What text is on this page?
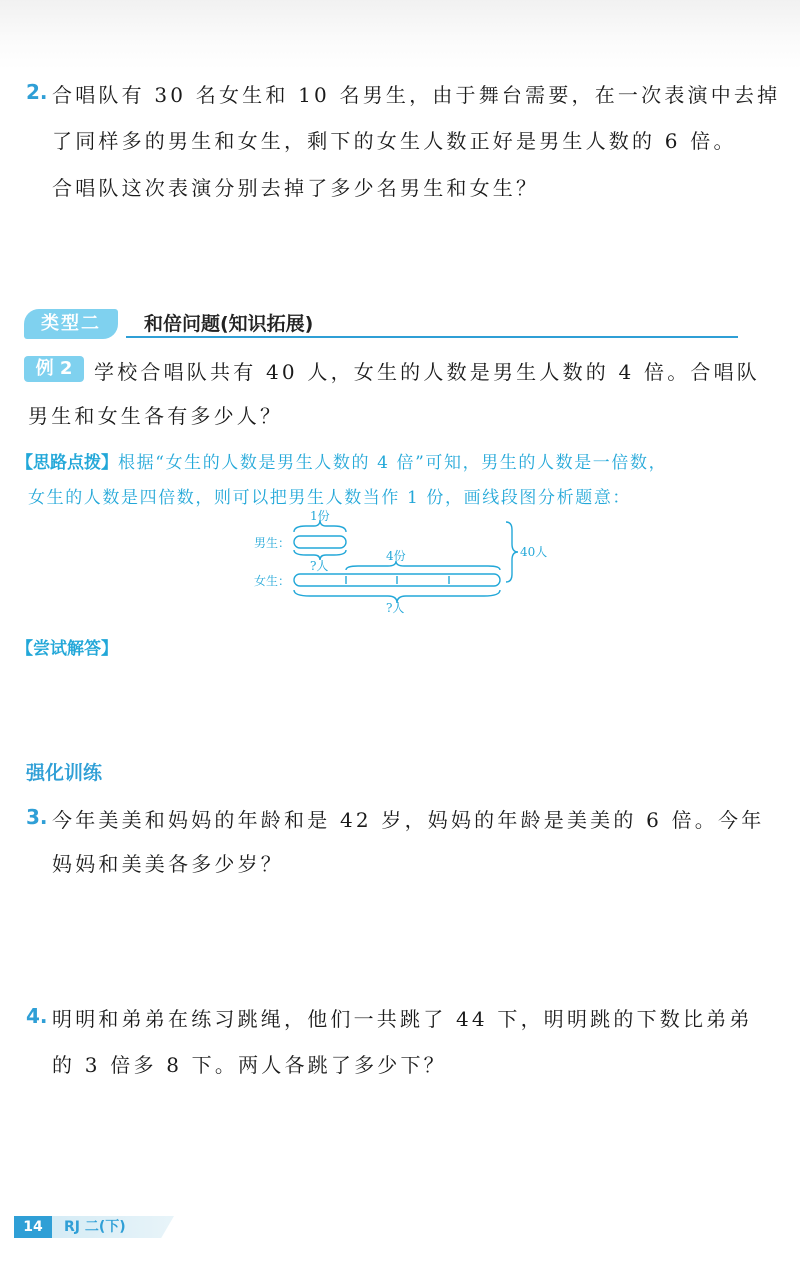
2. 合唱队有 30 名女生和 10 名男生，由于舞台需要，在一次表演中去掉
了同样多的男生和女生，剩下的女生人数正好是男生人数的 6 倍。
合唱队这次表演分别去掉了多少名男生和女生？
类型二	和倍问题(知识拓展)
例 2	学校合唱队共有 40 人，女生的人数是男生人数的 4 倍。合唱队
男生和女生各有多少人？
【思路点拨】根据“女生的人数是男生人数的 4 倍”可知，男生的人数是一倍数，
女生的人数是四倍数，则可以把男生人数当作 1 份，画线段图分析题意：
男生：
女生：
1份
4份
?人
?人
40人
【尝试解答】
强化训练
3. 今年美美和妈妈的年龄和是 42 岁，妈妈的年龄是美美的 6 倍。今年
妈妈和美美各多少岁？
4. 明明和弟弟在练习跳绳，他们一共跳了 44 下，明明跳的下数比弟弟
的 3 倍多 8 下。两人各跳了多少下？
14	RJ 二(下)
